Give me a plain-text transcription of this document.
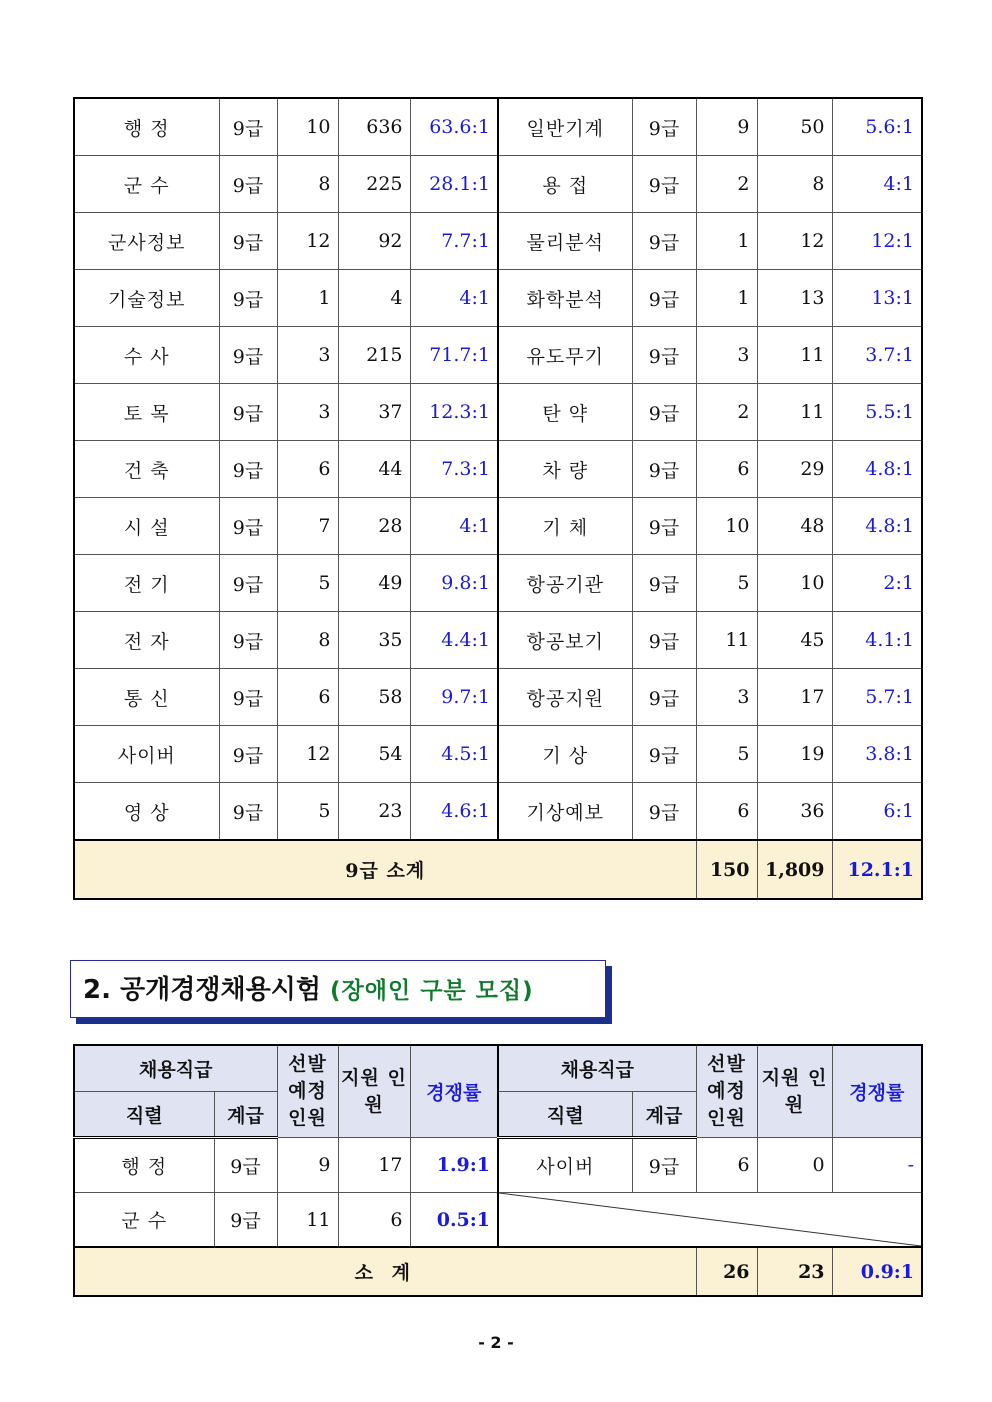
행 정	9급	10	636	63.6:1	일반기계	9급	9	50	5.6:1
군 수	9급	8	225	28.1:1	용 접	9급	2	8	4:1
군사정보	9급	12	92	7.7:1	물리분석	9급	1	12	12:1
기술정보	9급	1	4	4:1	화학분석	9급	1	13	13:1
수 사	9급	3	215	71.7:1	유도무기	9급	3	11	3.7:1
토 목	9급	3	37	12.3:1	탄 약	9급	2	11	5.5:1
건 축	9급	6	44	7.3:1	차 량	9급	6	29	4.8:1
시 설	9급	7	28	4:1	기 체	9급	10	48	4.8:1
전 기	9급	5	49	9.8:1	항공기관	9급	5	10	2:1
전 자	9급	8	35	4.4:1	항공보기	9급	11	45	4.1:1
통 신	9급	6	58	9.7:1	항공지원	9급	3	17	5.7:1
사이버	9급	12	54	4.5:1	기 상	9급	5	19	3.8:1
영 상	9급	5	23	4.6:1	기상예보	9급	6	36	6:1
9급 소계							150	1,809	12.1:1
2. 공개경쟁채용시험 (장애인 구분 모집)
채용직급		선발 예정 인원	지원 인원	경쟁률	채용직급		선발 예정 인원	지원 인원	경쟁률
직렬	계급				직렬	계급			
행 정	9급	9	17	1.9:1	사이버	9급	6	0	-
군 수	9급	11	6	0.5:1	

소 계							26	23	0.9:1
- 2 -
